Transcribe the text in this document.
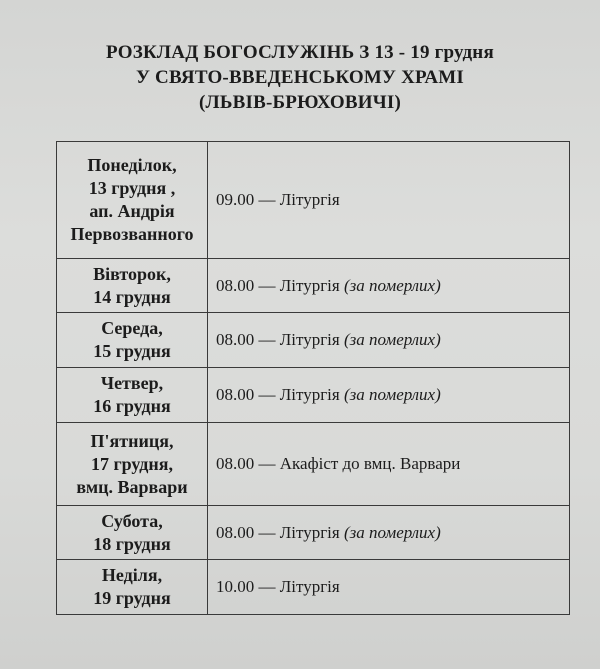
РОЗКЛАД БОГОСЛУЖІНЬ З 13 - 19 грудня
У СВЯТО-ВВЕДЕНСЬКОМУ ХРАМІ
(ЛЬВІВ-БРЮХОВИЧІ)
Понеділок,
13 грудня ,
ап. Андрія
Первозванного	09.00 — Літургія

Вівторок,
14 грудня	08.00 — Літургія (за померлих)

Середа,
15 грудня	08.00 — Літургія (за померлих)

Четвер,
16 грудня	08.00 — Літургія (за померлих)

П'ятниця,
17 грудня,
вмц. Варвари	08.00 — Акафіст до вмц. Варвари

Субота,
18 грудня	08.00 — Літургія (за померлих)

Неділя,
19 грудня	10.00 — Літургія
